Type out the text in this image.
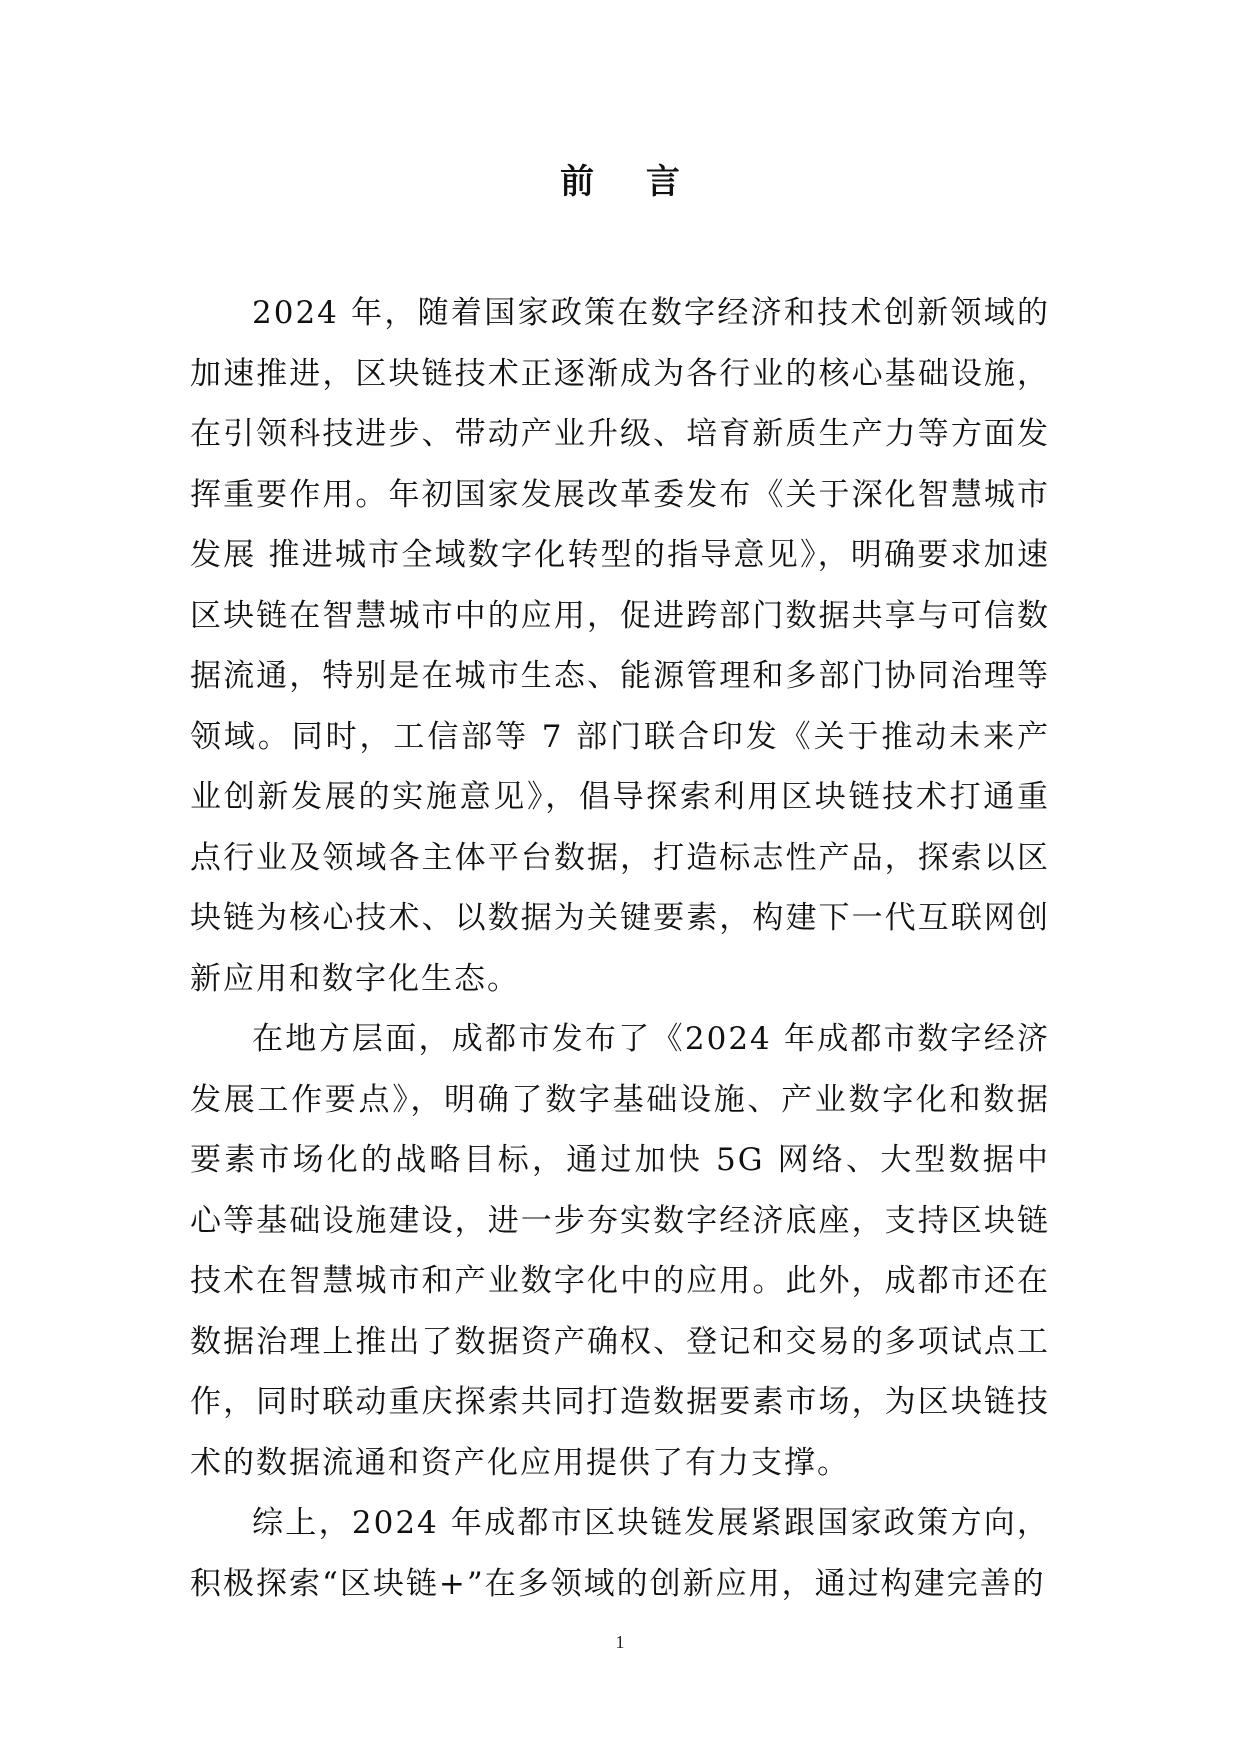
前 言

2024 年，随着国家政策在数字经济和技术创新领域的加速推进，区块链技术正逐渐成为各行业的核心基础设施，在引领科技进步、带动产业升级、培育新质生产力等方面发挥重要作用。年初国家发展改革委发布《关于深化智慧城市发展 推进城市全域数字化转型的指导意见》，明确要求加速区块链在智慧城市中的应用，促进跨部门数据共享与可信数据流通，特别是在城市生态、能源管理和多部门协同治理等领域。同时，工信部等 7 部门联合印发《关于推动未来产业创新发展的实施意见》，倡导探索利用区块链技术打通重点行业及领域各主体平台数据，打造标志性产品，探索以区块链为核心技术、以数据为关键要素，构建下一代互联网创新应用和数字化生态。

在地方层面，成都市发布了《2024 年成都市数字经济发展工作要点》，明确了数字基础设施、产业数字化和数据要素市场化的战略目标，通过加快 5G 网络、大型数据中心等基础设施建设，进一步夯实数字经济底座，支持区块链技术在智慧城市和产业数字化中的应用。此外，成都市还在数据治理上推出了数据资产确权、登记和交易的多项试点工作，同时联动重庆探索共同打造数据要素市场，为区块链技术的数据流通和资产化应用提供了有力支撑。

综上，2024 年成都市区块链发展紧跟国家政策方向，积极探索“区块链+”在多领域的创新应用，通过构建完善的

1
